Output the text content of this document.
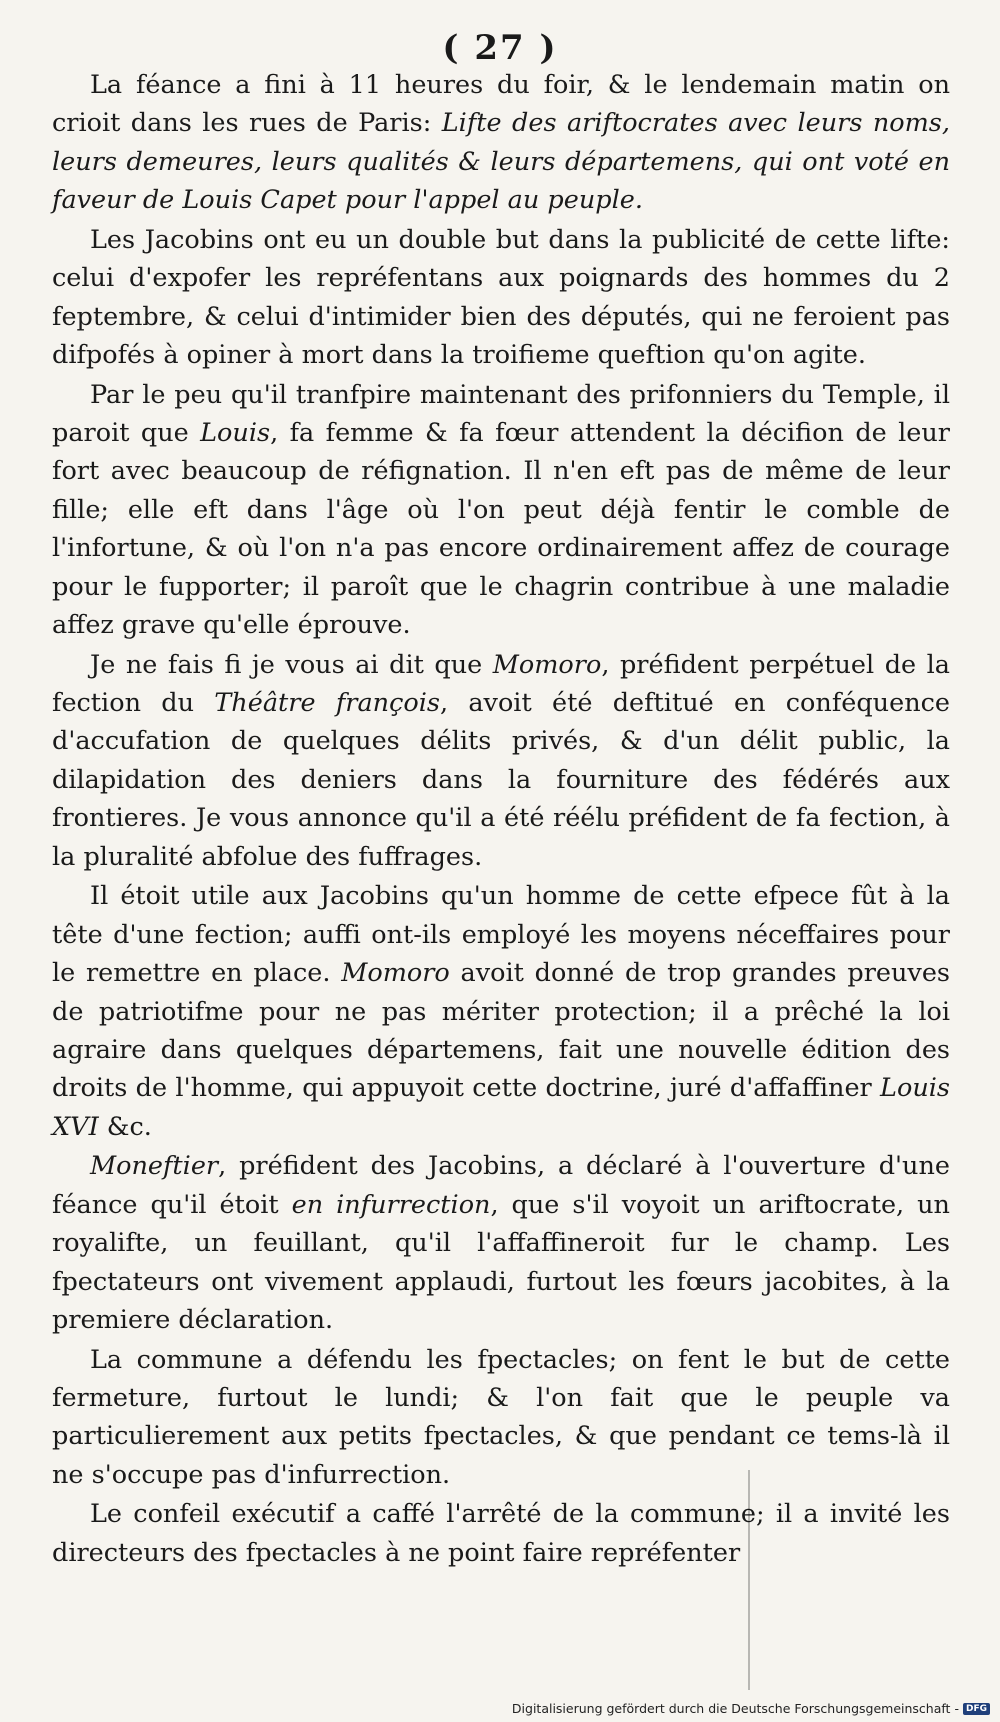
( 27 )

La féance a fini à 11 heures du foir, & le lendemain matin on crioit dans les rues de Paris: Lifte des ariftocrates avec leurs noms, leurs demeures, leurs qualités & leurs départemens, qui ont voté en faveur de Louis Capet pour l'appel au peuple.

Les Jacobins ont eu un double but dans la publicité de cette lifte: celui d'expofer les repréfentans aux poignards des hommes du 2 feptembre, & celui d'intimider bien des députés, qui ne feroient pas difpofés à opiner à mort dans la troifieme queftion qu'on agite.

Par le peu qu'il tranfpire maintenant des prifonniers du Temple, il paroit que Louis, fa femme & fa fœur attendent la décifion de leur fort avec beaucoup de réfignation. Il n'en eft pas de même de leur fille; elle eft dans l'âge où l'on peut déjà fentir le comble de l'infortune, & où l'on n'a pas encore ordinairement affez de courage pour le fupporter; il paroît que le chagrin contribue à une maladie affez grave qu'elle éprouve.

Je ne fais fi je vous ai dit que Momoro, préfident perpétuel de la fection du Théâtre françois, avoit été deftitué en conféquence d'accufation de quelques délits privés, & d'un délit public, la dilapidation des deniers dans la fourniture des fédérés aux frontieres. Je vous annonce qu'il a été réélu préfident de fa fection, à la pluralité abfolue des fuffrages.

Il étoit utile aux Jacobins qu'un homme de cette efpece fût à la tête d'une fection; auffi ont-ils employé les moyens néceffaires pour le remettre en place. Momoro avoit donné de trop grandes preuves de patriotifme pour ne pas mériter protection; il a prêché la loi agraire dans quelques départemens, fait une nouvelle édition des droits de l'homme, qui appuyoit cette doctrine, juré d'affaffiner Louis XVI &c.

Moneftier, préfident des Jacobins, a déclaré à l'ouverture d'une féance qu'il étoit en infurrection, que s'il voyoit un ariftocrate, un royalifte, un feuillant, qu'il l'affaffineroit fur le champ. Les fpectateurs ont vivement applaudi, furtout les fœurs jacobites, à la premiere déclaration.

La commune a défendu les fpectacles; on fent le but de cette fermeture, furtout le lundi; & l'on fait que le peuple va particulierement aux petits fpectacles, & que pendant ce tems-là il ne s'occupe pas d'infurrection.

Le confeil exécutif a caffé l'arrêté de la commune; il a invité les directeurs des fpectacles à ne point faire repréfenter

Digitalisierung gefördert durch die Deutsche Forschungsgemeinschaft - DFG
